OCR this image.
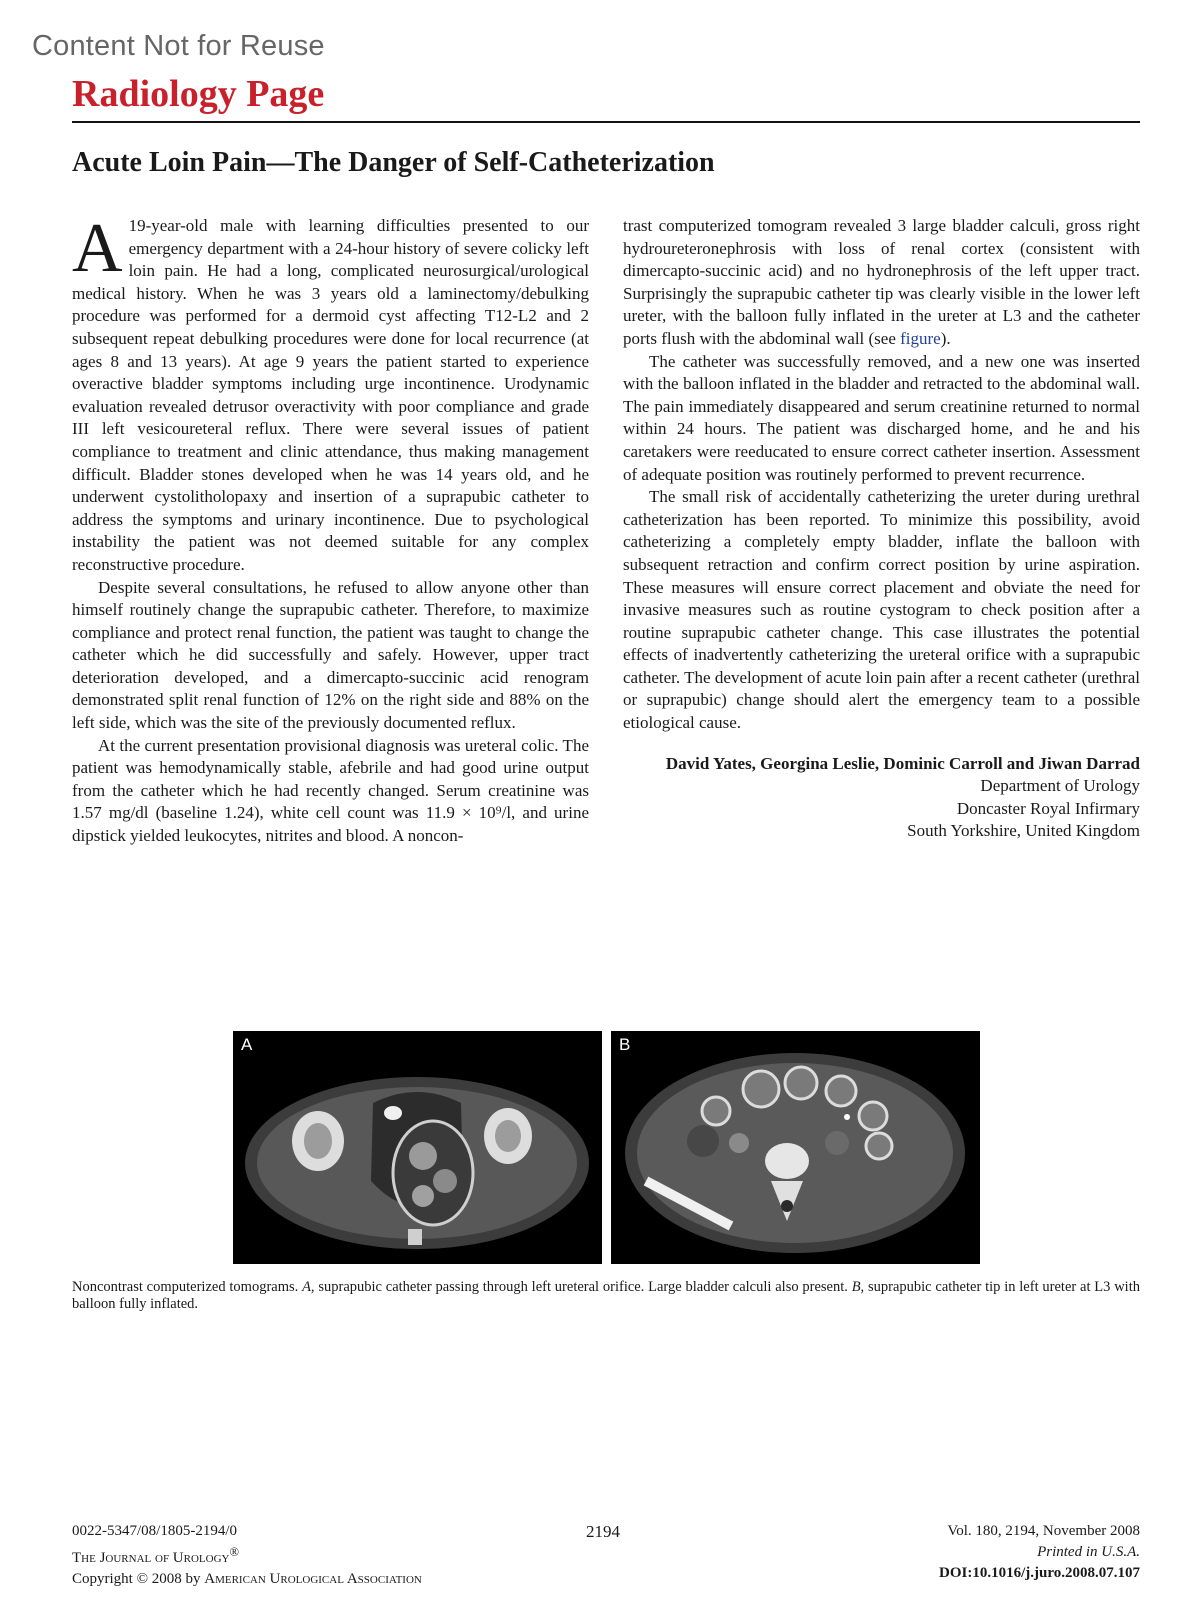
Content Not for Reuse
Radiology Page
Acute Loin Pain—The Danger of Self-Catheterization

A 19-year-old male with learning difficulties presented to our emergency department with a 24-hour history of severe colicky left loin pain. He had a long, complicated neurosurgical/urological medical history. When he was 3 years old a laminectomy/debulking procedure was performed for a dermoid cyst affecting T12-L2 and 2 subsequent repeat debulking procedures were done for local recurrence (at ages 8 and 13 years). At age 9 years the patient started to experience overactive bladder symptoms including urge incontinence. Urodynamic evaluation revealed detrusor overactivity with poor compliance and grade III left vesicoureteral reflux. There were several issues of patient compliance to treatment and clinic attendance, thus making management difficult. Bladder stones developed when he was 14 years old, and he underwent cystolitholopaxy and insertion of a suprapubic catheter to address the symptoms and urinary incontinence. Due to psychological instability the patient was not deemed suitable for any complex reconstructive procedure.

Despite several consultations, he refused to allow anyone other than himself routinely change the suprapubic catheter. Therefore, to maximize compliance and protect renal function, the patient was taught to change the catheter which he did successfully and safely. However, upper tract deterioration developed, and a dimercapto-succinic acid renogram demonstrated split renal function of 12% on the right side and 88% on the left side, which was the site of the previously documented reflux.

At the current presentation provisional diagnosis was ureteral colic. The patient was hemodynamically stable, afebrile and had good urine output from the catheter which he had recently changed. Serum creatinine was 1.57 mg/dl (baseline 1.24), white cell count was 11.9 × 10⁹/l, and urine dipstick yielded leukocytes, nitrites and blood. A noncon-

trast computerized tomogram revealed 3 large bladder calculi, gross right hydroureteronephrosis with loss of renal cortex (consistent with dimercapto-succinic acid) and no hydronephrosis of the left upper tract. Surprisingly the suprapubic catheter tip was clearly visible in the lower left ureter, with the balloon fully inflated in the ureter at L3 and the catheter ports flush with the abdominal wall (see figure).

The catheter was successfully removed, and a new one was inserted with the balloon inflated in the bladder and retracted to the abdominal wall. The pain immediately disappeared and serum creatinine returned to normal within 24 hours. The patient was discharged home, and he and his caretakers were reeducated to ensure correct catheter insertion. Assessment of adequate position was routinely performed to prevent recurrence.

The small risk of accidentally catheterizing the ureter during urethral catheterization has been reported. To minimize this possibility, avoid catheterizing a completely empty bladder, inflate the balloon with subsequent retraction and confirm correct position by urine aspiration. These measures will ensure correct placement and obviate the need for invasive measures such as routine cystogram to check position after a routine suprapubic catheter change. This case illustrates the potential effects of inadvertently catheterizing the ureteral orifice with a suprapubic catheter. The development of acute loin pain after a recent catheter (urethral or suprapubic) change should alert the emergency team to a possible etiological cause.

David Yates, Georgina Leslie, Dominic Carroll and Jiwan Darrad
Department of Urology
Doncaster Royal Infirmary
South Yorkshire, United Kingdom
A	B
Noncontrast computerized tomograms. A, suprapubic catheter passing through left ureteral orifice. Large bladder calculi also present. B, suprapubic catheter tip in left ureter at L3 with balloon fully inflated.
0022-5347/08/1805-2194/0
The Journal of Urology®
Copyright © 2008 by American Urological Association
2194	Vol. 180, 2194, November 2008
Printed in U.S.A.
DOI:10.1016/j.juro.2008.07.107
